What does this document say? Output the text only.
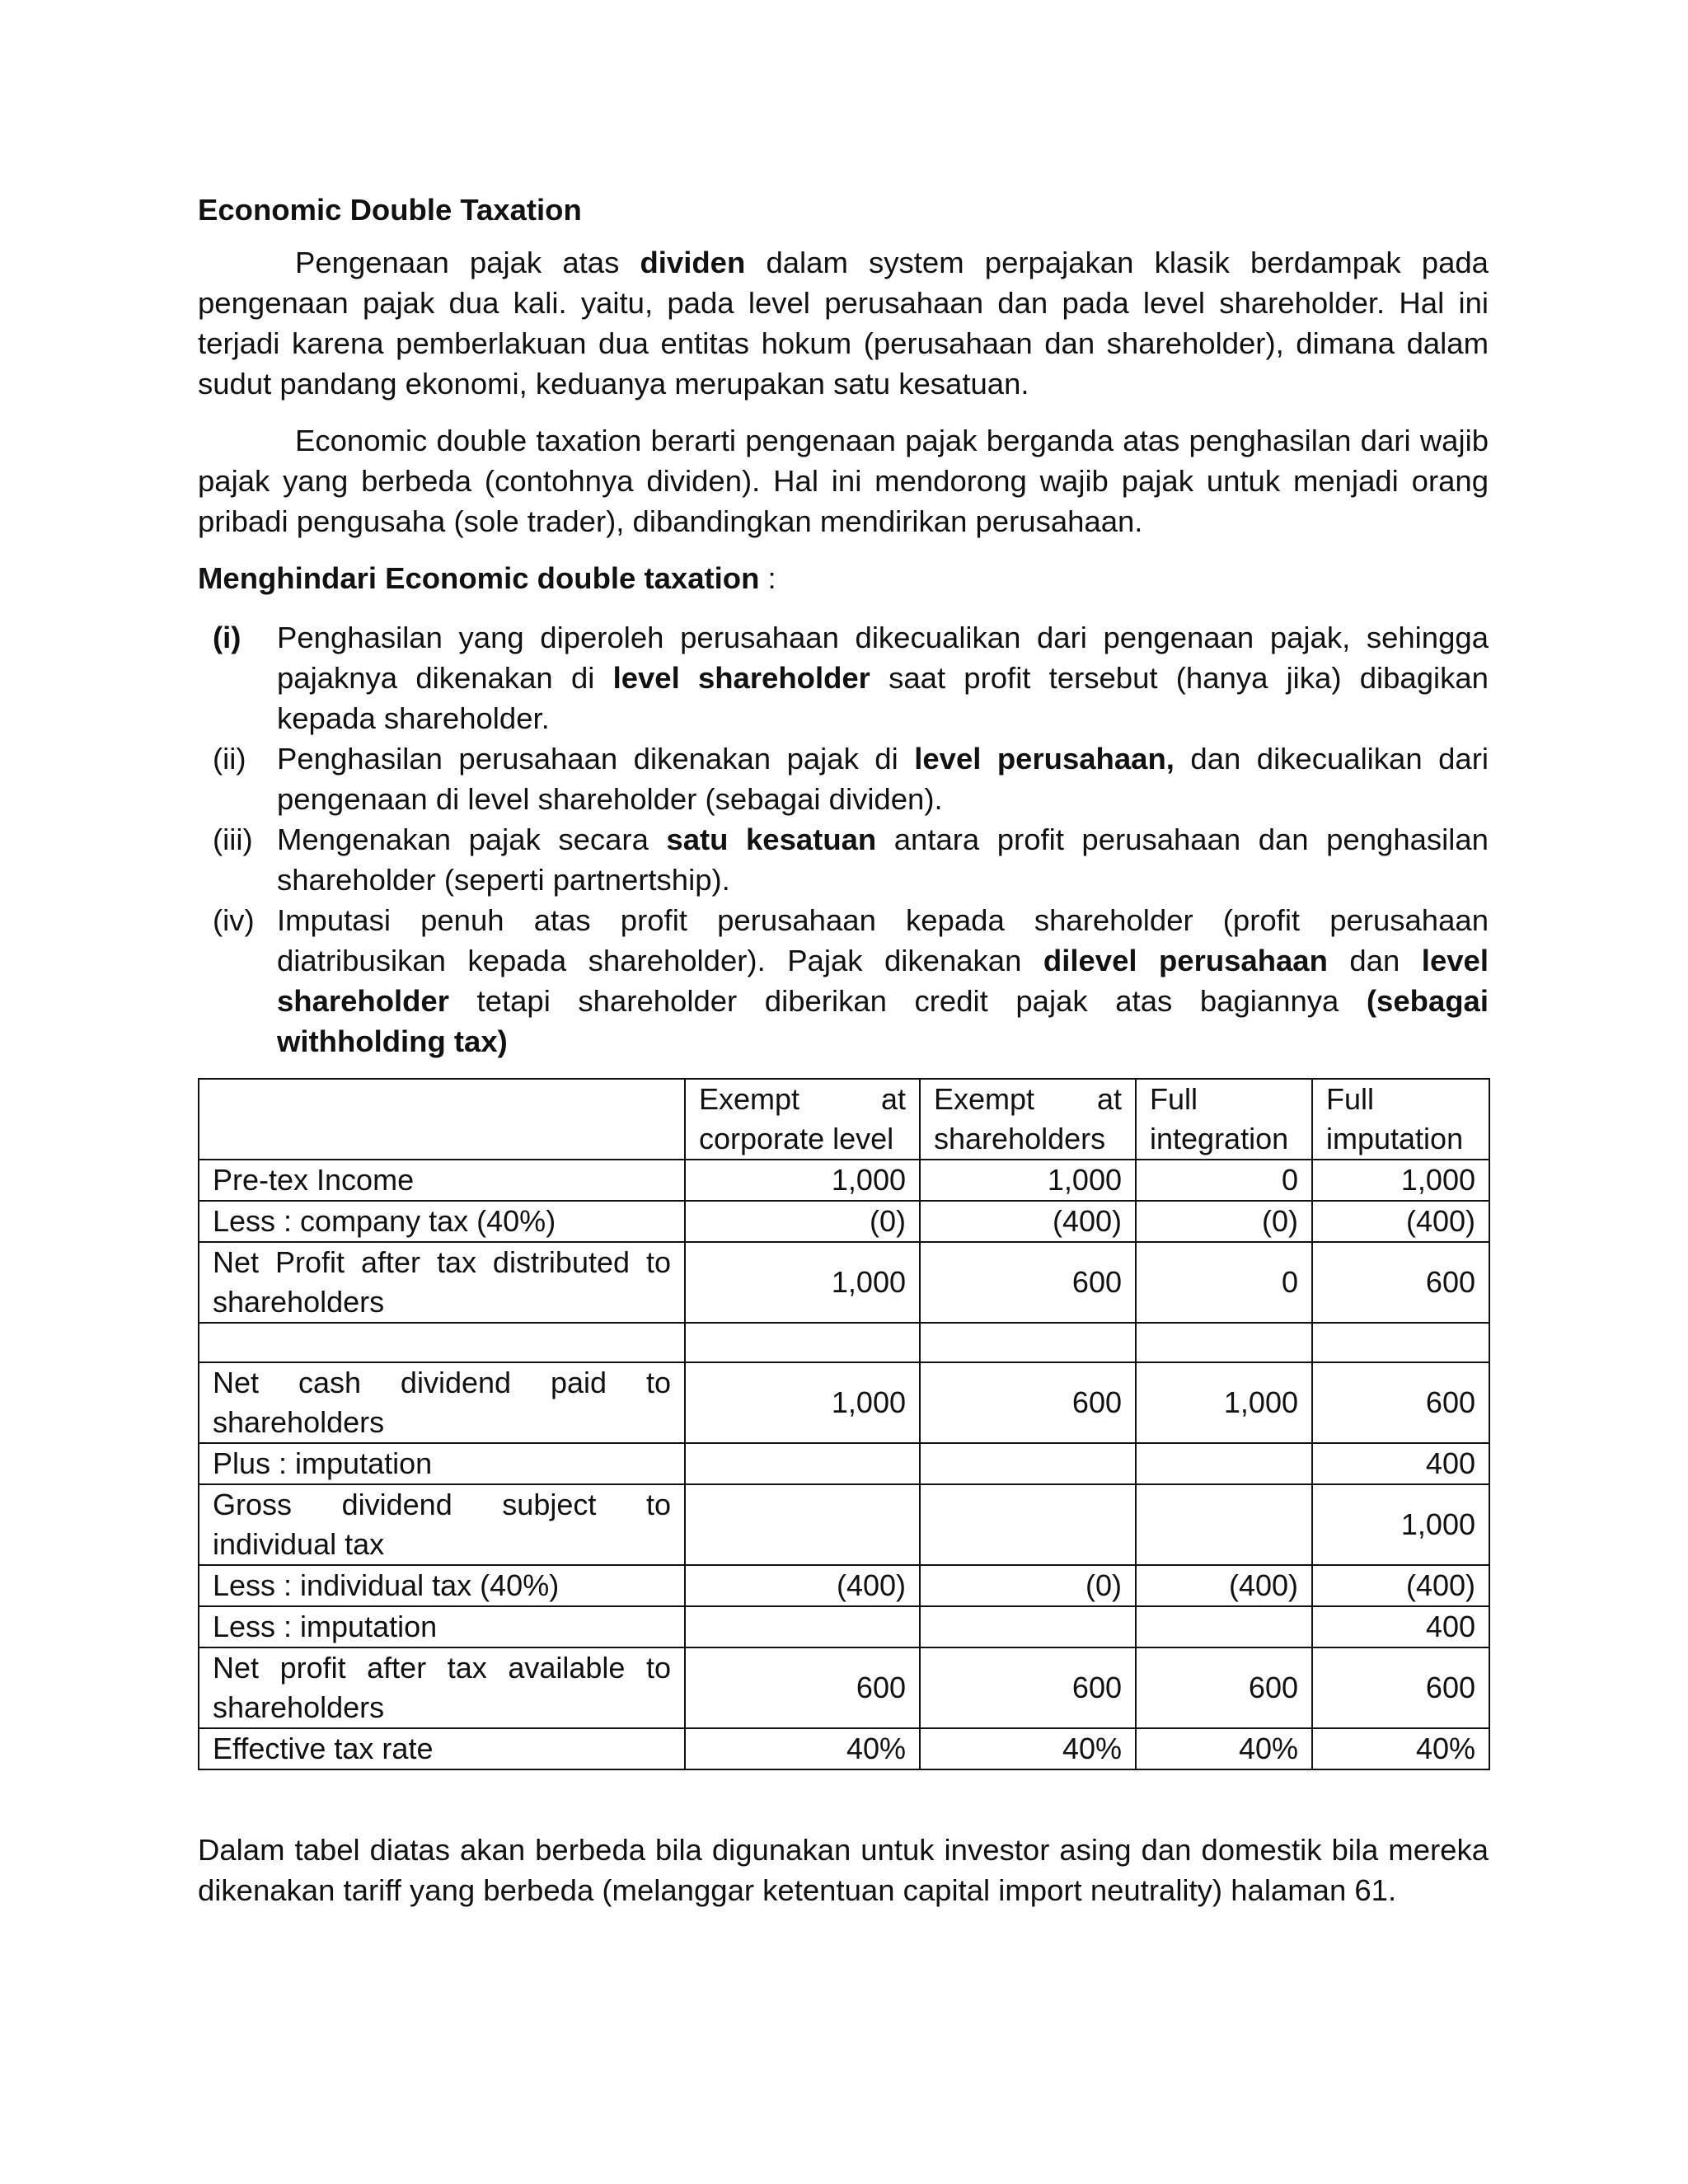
Economic Double Taxation

Pengenaan pajak atas dividen dalam system perpajakan klasik berdampak pada pengenaan pajak dua kali. yaitu, pada level perusahaan dan pada level shareholder. Hal ini terjadi karena pemberlakuan dua entitas hokum (perusahaan dan shareholder), dimana dalam sudut pandang ekonomi, keduanya merupakan satu kesatuan.

Economic double taxation berarti pengenaan pajak berganda atas penghasilan dari wajib pajak yang berbeda (contohnya dividen). Hal ini mendorong wajib pajak untuk menjadi orang pribadi pengusaha (sole trader), dibandingkan mendirikan perusahaan.

Menghindari Economic double taxation :
(i) Penghasilan yang diperoleh perusahaan dikecualikan dari pengenaan pajak, sehingga pajaknya dikenakan di level shareholder saat profit tersebut (hanya jika) dibagikan kepada shareholder.
(ii) Penghasilan perusahaan dikenakan pajak di level perusahaan, dan dikecualikan dari pengenaan di level shareholder (sebagai dividen).
(iii) Mengenakan pajak secara satu kesatuan antara profit perusahaan dan penghasilan shareholder (seperti partnertship).
(iv) Imputasi penuh atas profit perusahaan kepada shareholder (profit perusahaan diatribusikan kepada shareholder). Pajak dikenakan dilevel perusahaan dan level shareholder tetapi shareholder diberikan credit pajak atas bagiannya (sebagai withholding tax)
	Exempt at corporate level	Exempt at shareholders	Full integration	Full imputation
Pre-tex Income	1,000	1,000	0	1,000
Less : company tax (40%)	(0)	(400)	(0)	(400)
Net Profit after tax distributed to shareholders	1,000	600	0	600

Net cash dividend paid to shareholders	1,000	600	1,000	600
Plus : imputation				400
Gross dividend subject to individual tax				1,000
Less : individual tax (40%)	(400)	(0)	(400)	(400)
Less : imputation				400
Net profit after tax available to shareholders	600	600	600	600
Effective tax rate	40%	40%	40%	40%

Dalam tabel diatas akan berbeda bila digunakan untuk investor asing dan domestik bila mereka dikenakan tariff yang berbeda (melanggar ketentuan capital import neutrality) halaman 61.
